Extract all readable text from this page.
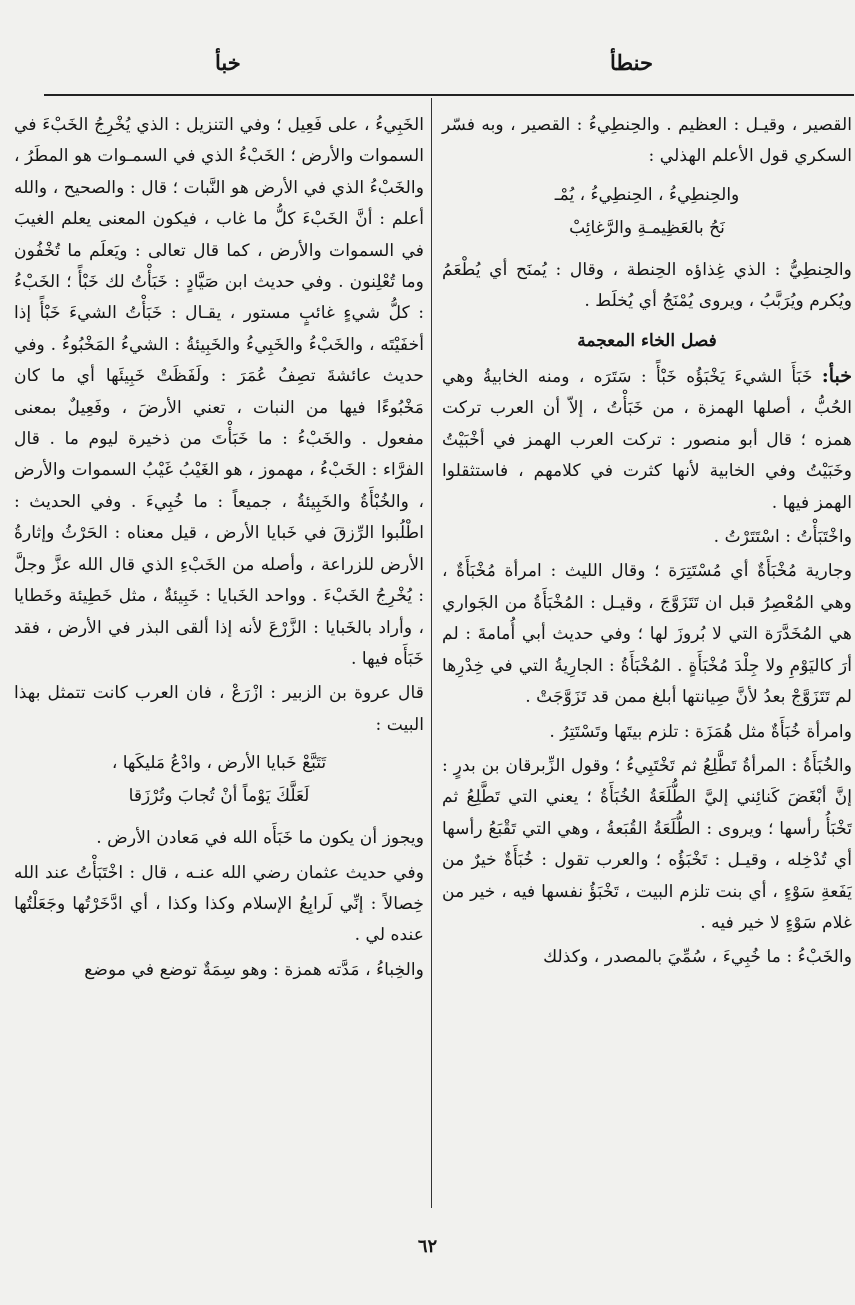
حنطأ
خبأ

القصير ، وقيـل : العظيم . والحِنطِيءُ : القصير ، وبه فسّر السكري قول الأعلم الهذلي :

والحِنطِيءُ ، الحِنطِيءُ ، يُمْـ
نَحُ بالعَظِيمـةِ والرَّغائِبْ

والحِنطِيُّ : الذي غِذاؤه الحِنطة ، وقال : يُمنَح أي يُطْعَمُ ويُكرم ويُرَبَّبُ ، ويروى يُمْنَجُ أي يُخلَط .

فصل الخاء المعجمة

خبأ: خَبَأَ الشيءَ يَخْبَؤُه خَبْأً : سَتَرَه ، ومنه الخابيةُ وهي الحُبُّ ، أصلها الهمزة ، من خَبَأْتُ ، إلاّ أن العرب تركت همزه ؛ قال أبو منصور : تركت العرب الهمز في أخْبَيْتُ وخَبَيْتُ وفي الخابية لأنها كثرت في كلامهم ، فاستثقلوا الهمز فيها .

واخْتَبَأْتُ : اسْتَتَرْتُ .

وجارية مُخْبَأَةٌ أي مُسْتَتِرَة ؛ وقال الليث : امرأة مُخْبَأَةٌ ، وهي المُعْصِرُ قبل ان تَتَزَوَّجَ ، وقيـل : المُخْبَأَةُ من الجَواري هي المُخَدَّرَة التي لا بُروزَ لها ؛ وفي حديث أبي أُمامةَ : لم أرَ كاليَوْمِ ولا جِلْدَ مُخْبَأَةٍ . المُخْبَأَةُ : الجارِيةُ التي في خِدْرِها لم تَتَزَوَّجْ بعدُ لأنَّ صِيانتها أبلغ ممن قد تَزَوَّجَتْ .

وامرأة خُبَأَةٌ مثل هُمَزَة : تلزم بيتَها وتَسْتَتِرُ .

والخُبَأَةُ : المرأةُ تَطَّلِعُ ثم تَخْتَبِيءُ ؛ وقول الزِّبرقان بن بدرٍ : إنَّ أبْغَضَ كَنائِني إليَّ الطُّلَعَةُ الخُبَأَةُ ؛ يعني التي تَطَّلِعُ ثم تَخْبَأُ رأسها ؛ ويروى : الطُّلَعَةُ القُبَعةُ ، وهي التي تَقْبَعُ رأسها أي تُدْخِله ، وقيـل : تَخْبَؤُه ؛ والعرب تقول : خُبَأَةٌ خيرٌ من يَفَعةِ سَوْءٍ ، أي بنت تلزم البيت ، تَخْبَؤُ نفسها فيه ، خير من غلام سَوْءٍ لا خير فيه .

والخَبْءُ : ما خُبِيءَ ، سُمِّيَ بالمصدر ، وكذلك

الخَبِيءُ ، على فَعِيل ؛ وفي التنزيل : الذي يُخْرِجُ الخَبْءَ في السموات والأرض ؛ الخَبْءُ الذي في السمـوات هو المطَرُ ، والخَبْءُ الذي في الأرض هو النَّبات ؛ قال : والصحيح ، والله أعلم : أنَّ الخَبْءَ كلُّ ما غاب ، فيكون المعنى يعلم الغيبَ في السموات والأرض ، كما قال تعالى : ويَعلَم ما تُخْفُون وما تُعْلِنون . وفي حديث ابن صَيَّادٍ : خَبَأْتُ لك خَبْأً ؛ الخَبْءُ : كلُّ شيءٍ غائبٍ مستور ، يقـال : خَبَأْتُ الشيءَ خَبْأً إذا أخفَيْتَه ، والخَبْءُ والخَبِيءُ والخَبِيئةُ : الشيءُ المَخْبُوءُ . وفي حديث عائشةَ تصِفُ عُمَرَ : ولَفَظَتْ خَبِيئَها أي ما كان مَخْبُوءًا فيها من النبات ، تعني الأرضَ ، وفَعِيلٌ بمعنى مفعول . والخَبْءُ : ما خَبَأْتَ من ذخيرة ليوم ما . قال الفرَّاء : الخَبْءُ ، مهموز ، هو الغَيْبُ غَيْبُ السموات والأرض ، والخُبْأَةُ والخَبِيئةُ ، جميعاً : ما خُبِيءَ . وفي الحديث : اطْلُبوا الرِّزقَ في خَبايا الأرض ، قيل معناه : الحَرْثُ وإثارةُ الأرض للزراعة ، وأصله من الخَبْءِ الذي قال الله عزَّ وجلَّ : يُخْرِجُ الخَبْءَ . وواحد الخَبايا : خَبِيئةٌ ، مثل خَطِيئة وخَطايا ، وأراد بالخَبايا : الزَّرْعَ لأنه إذا ألقى البذر في الأرض ، فقد خَبَأَه فيها .

قال عروة بن الزبير : ازْرَعْ ، فان العرب كانت تتمثل بهذا البيت :

تَتَبَّعْ خَبايا الأرض ، وادْعُ مَليكَها ،
لَعَلَّكَ يَوْماً أنْ تُجابَ وتُرْزَقا

ويجوز أن يكون ما خَبَأَه الله في مَعادن الأرض .

وفي حديث عثمان رضي الله عنـه ، قال : اخْتَبَأْتُ عند الله خِصالاً : إنِّي لَرابِعُ الإسلام وكذا وكذا ، أي ادَّخَرْتُها وجَعَلْتُها عنده لي .

والخِباءُ ، مَدَّته همزة : وهو سِمَةٌ توضع في موضع

٦٢
